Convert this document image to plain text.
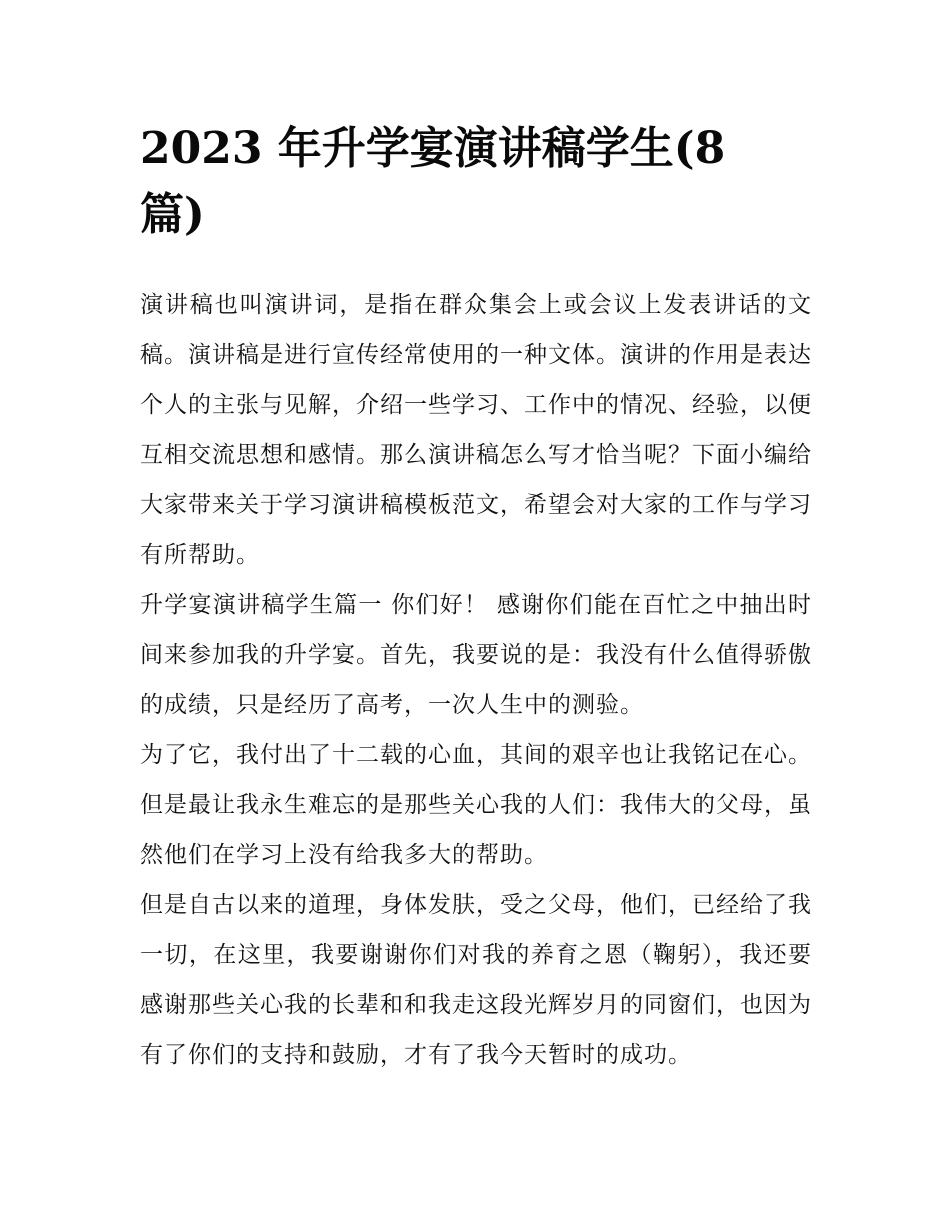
2023 年升学宴演讲稿学生(8 篇)

演讲稿也叫演讲词，是指在群众集会上或会议上发表讲话的文稿。演讲稿是进行宣传经常使用的一种文体。演讲的作用是表达个人的主张与见解，介绍一些学习、工作中的情况、经验，以便互相交流思想和感情。那么演讲稿怎么写才恰当呢？下面小编给大家带来关于学习演讲稿模板范文，希望会对大家的工作与学习有所帮助。

升学宴演讲稿学生篇一 你们好！ 感谢你们能在百忙之中抽出时间来参加我的升学宴。首先，我要说的是：我没有什么值得骄傲的成绩，只是经历了高考，一次人生中的测验。

为了它，我付出了十二载的心血，其间的艰辛也让我铭记在心。但是最让我永生难忘的是那些关心我的人们：我伟大的父母，虽然他们在学习上没有给我多大的帮助。

但是自古以来的道理，身体发肤，受之父母，他们，已经给了我一切，在这里，我要谢谢你们对我的养育之恩（鞠躬），我还要感谢那些关心我的长辈和和我走这段光辉岁月的同窗们，也因为有了你们的支持和鼓励，才有了我今天暂时的成功。
